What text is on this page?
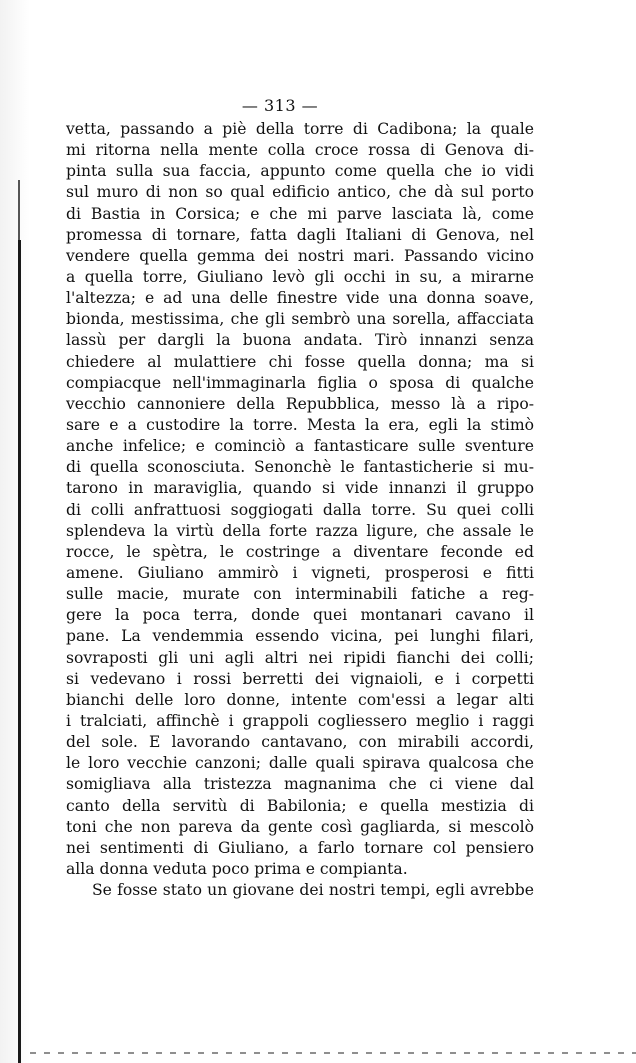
— 313 —
vetta, passando a piè della torre di Cadibona; la quale
mi ritorna nella mente colla croce rossa di Genova di-
pinta sulla sua faccia, appunto come quella che io vidi
sul muro di non so qual edificio antico, che dà sul porto
di Bastia in Corsica; e che mi parve lasciata là, come
promessa di tornare, fatta dagli Italiani di Genova, nel
vendere quella gemma dei nostri mari. Passando vicino
a quella torre, Giuliano levò gli occhi in su, a mirarne
l'altezza; e ad una delle finestre vide una donna soave,
bionda, mestissima, che gli sembrò una sorella, affacciata
lassù per dargli la buona andata. Tirò innanzi senza
chiedere al mulattiere chi fosse quella donna; ma si
compiacque nell'immaginarla figlia o sposa di qualche
vecchio cannoniere della Repubblica, messo là a ripo-
sare e a custodire la torre. Mesta la era, egli la stimò
anche infelice; e cominciò a fantasticare sulle sventure
di quella sconosciuta. Senonchè le fantasticherie si mu-
tarono in maraviglia, quando si vide innanzi il gruppo
di colli anfrattuosi soggiogati dalla torre. Su quei colli
splendeva la virtù della forte razza ligure, che assale le
rocce, le spètra, le costringe a diventare feconde ed
amene. Giuliano ammirò i vigneti, prosperosi e fitti
sulle macie, murate con interminabili fatiche a reg-
gere la poca terra, donde quei montanari cavano il
pane. La vendemmia essendo vicina, pei lunghi filari,
sovraposti gli uni agli altri nei ripidi fianchi dei colli;
si vedevano i rossi berretti dei vignaioli, e i corpetti
bianchi delle loro donne, intente com'essi a legar alti
i tralciati, affinchè i grappoli cogliessero meglio i raggi
del sole. E lavorando cantavano, con mirabili accordi,
le loro vecchie canzoni; dalle quali spirava qualcosa che
somigliava alla tristezza magnanima che ci viene dal
canto della servitù di Babilonia; e quella mestizia di
toni che non pareva da gente così gagliarda, si mescolò
nei sentimenti di Giuliano, a farlo tornare col pensiero
alla donna veduta poco prima e compianta.
Se fosse stato un giovane dei nostri tempi, egli avrebbe
